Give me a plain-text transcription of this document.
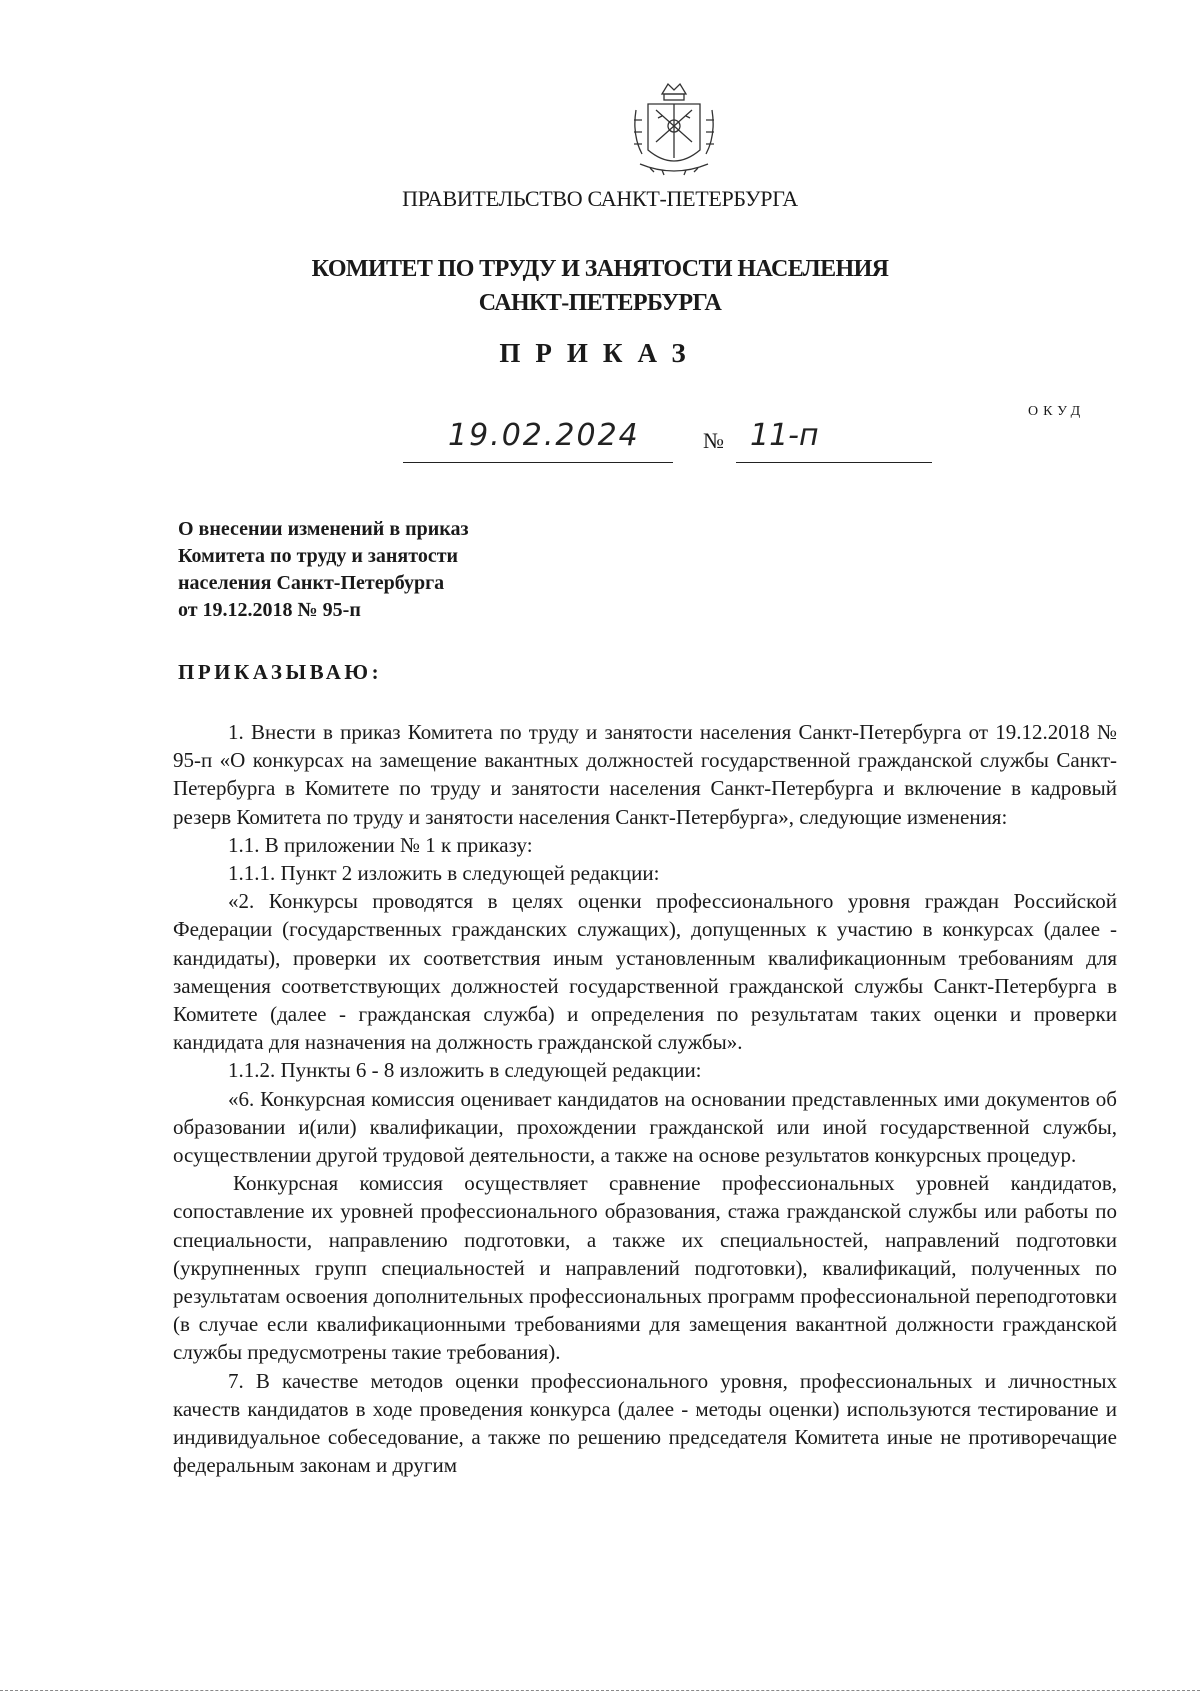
ПРАВИТЕЛЬСТВО САНКТ-ПЕТЕРБУРГА
КОМИТЕТ ПО ТРУДУ И ЗАНЯТОСТИ НАСЕЛЕНИЯ
САНКТ-ПЕТЕРБУРГА
ПРИКАЗ
ОКУД
19.02.2024	№ 11-п
О внесении изменений в приказ
Комитета по труду и занятости
населения Санкт-Петербурга
от 19.12.2018 № 95-п
ПРИКАЗЫВАЮ:

1. Внести в приказ Комитета по труду и занятости населения Санкт-Петербурга от 19.12.2018 № 95-п «О конкурсах на замещение вакантных должностей государственной гражданской службы Санкт-Петербурга в Комитете по труду и занятости населения Санкт-Петербурга и включение в кадровый резерв Комитета по труду и занятости населения Санкт-Петербурга», следующие изменения:

1.1. В приложении № 1 к приказу:

1.1.1. Пункт 2 изложить в следующей редакции:

«2. Конкурсы проводятся в целях оценки профессионального уровня граждан Российской Федерации (государственных гражданских служащих), допущенных к участию в конкурсах (далее - кандидаты), проверки их соответствия иным установленным квалификационным требованиям для замещения соответствующих должностей государственной гражданской службы Санкт-Петербурга в Комитете (далее - гражданская служба) и определения по результатам таких оценки и проверки кандидата для назначения на должность гражданской службы».

1.1.2. Пункты 6 - 8 изложить в следующей редакции:

«6. Конкурсная комиссия оценивает кандидатов на основании представленных ими документов об образовании и(или) квалификации, прохождении гражданской или иной государственной службы, осуществлении другой трудовой деятельности, а также на основе результатов конкурсных процедур.

Конкурсная комиссия осуществляет сравнение профессиональных уровней кандидатов, сопоставление их уровней профессионального образования, стажа гражданской службы или работы по специальности, направлению подготовки, а также их специальностей, направлений подготовки (укрупненных групп специальностей и направлений подготовки), квалификаций, полученных по результатам освоения дополнительных профессиональных программ профессиональной переподготовки (в случае если квалификационными требованиями для замещения вакантной должности гражданской службы предусмотрены такие требования).

7. В качестве методов оценки профессионального уровня, профессиональных и личностных качеств кандидатов в ходе проведения конкурса (далее - методы оценки) используются тестирование и индивидуальное собеседование, а также по решению председателя Комитета иные не противоречащие федеральным законам и другим
